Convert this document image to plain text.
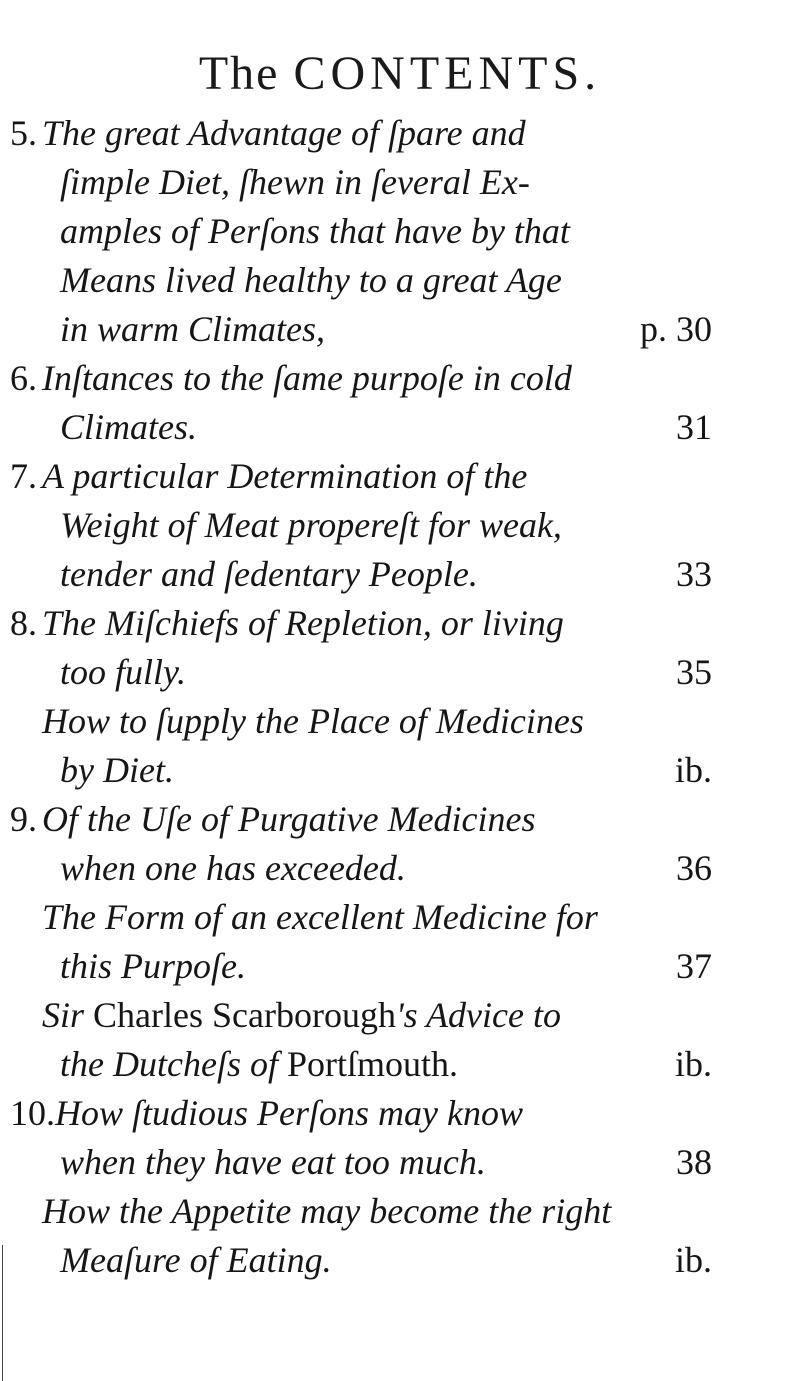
The CONTENTS.
5. The great Advantage of ſpare and
ſimple Diet, ſhewn in ſeveral Ex-
amples of Perſons that have by that
Means lived healthy to a great Age
in warm Climates,	p. 30
6. Inſtances to the ſame purpoſe in cold
Climates.	31
7. A particular Determination of the
Weight of Meat propereſt for weak,
tender and ſedentary People.	33
8. The Miſchiefs of Repletion, or living
too fully.	35
How to ſupply the Place of Medicines
by Diet.	ib.
9. Of the Uſe of Purgative Medicines
when one has exceeded.	36
The Form of an excellent Medicine for
this Purpoſe.	37
Sir Charles Scarborough's Advice to
the Dutcheſs of Portſmouth.	ib.
10. How ſtudious Perſons may know
when they have eat too much.	38
How the Appetite may become the right
Meaſure of Eating.	ib.
